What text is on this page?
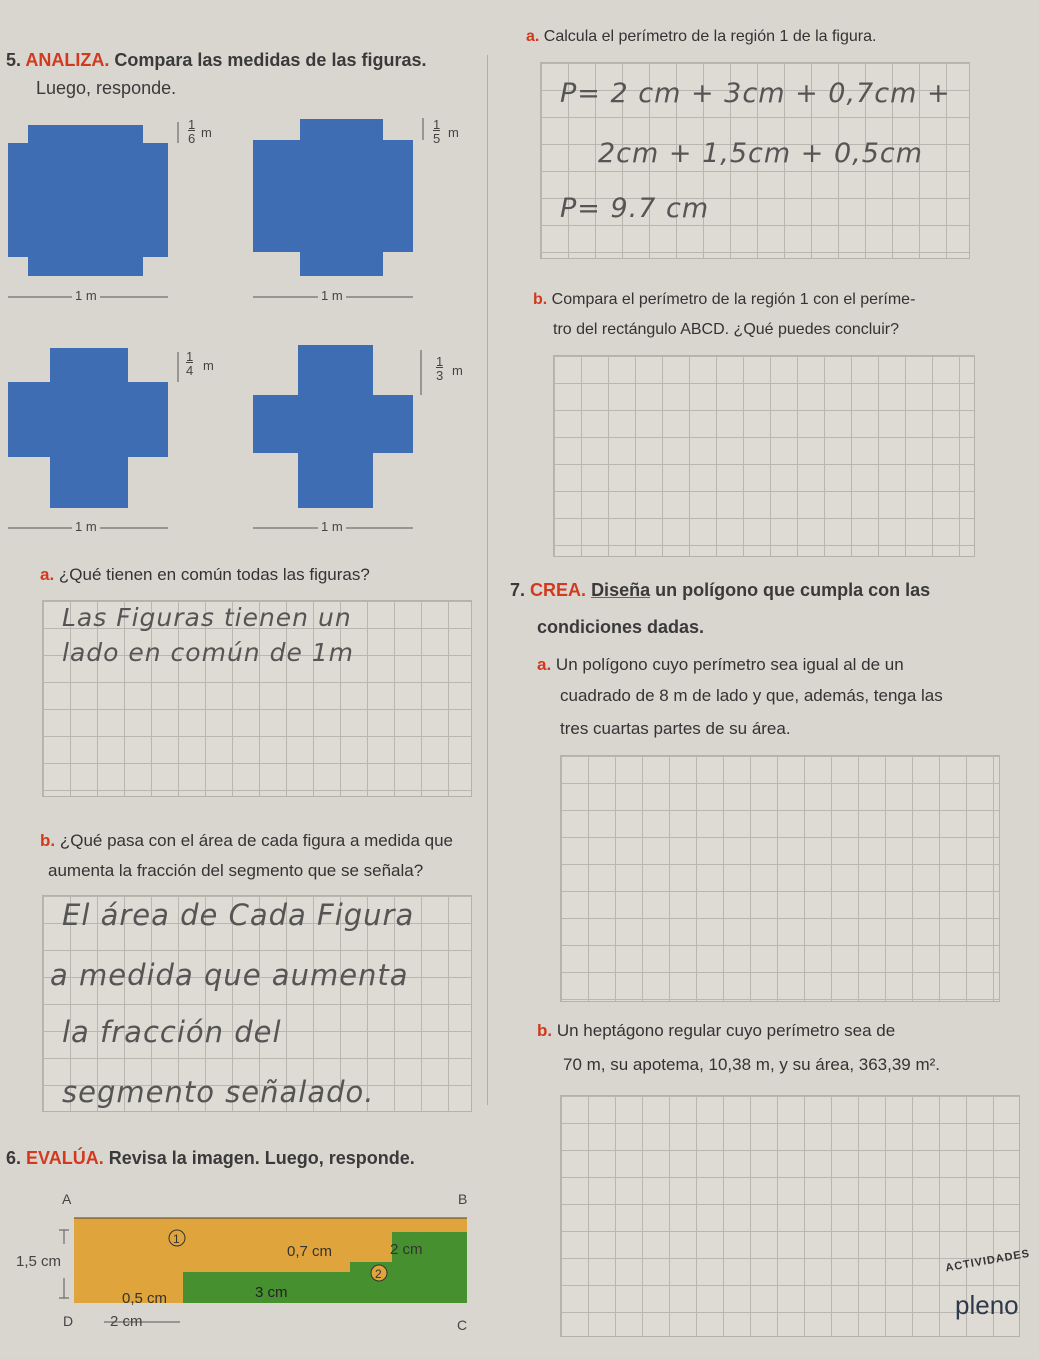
5. ANALIZA. Compara las medidas de las figuras.
Luego, responde.
1
6 m
1
5 m
1
4 m	1
3 m
1 m	1 m
1 m	1 m
a. ¿Qué tienen en común todas las figuras?
Las Figuras tienen un
lado en común de 1m
b. ¿Qué pasa con el área de cada figura a medida que
aumenta la fracción del segmento que se señala?
El área de Cada Figura
a medida que aumenta
la fracción del
segmento señalado.
6. EVALÚA. Revisa la imagen. Luego, responde.
A	B
C
D
1,5 cm
0,7 cm	2 cm
0,5 cm	3 cm
2 cm
1
2
a. Calcula el perímetro de la región 1 de la figura.
P= 2 cm + 3cm + 0,7cm +
2cm + 1,5cm + 0,5cm
P= 9.7 cm
b. Compara el perímetro de la región 1 con el períme-
tro del rectángulo ABCD. ¿Qué puedes concluir?
7. CREA. Diseña un polígono que cumpla con las
condiciones dadas.
a. Un polígono cuyo perímetro sea igual al de un
cuadrado de 8 m de lado y que, además, tenga las
tres cuartas partes de su área.
b. Un heptágono regular cuyo perímetro sea de
70 m, su apotema, 10,38 m, y su área, 363,39 m².
ACTIVIDADES
pleno
